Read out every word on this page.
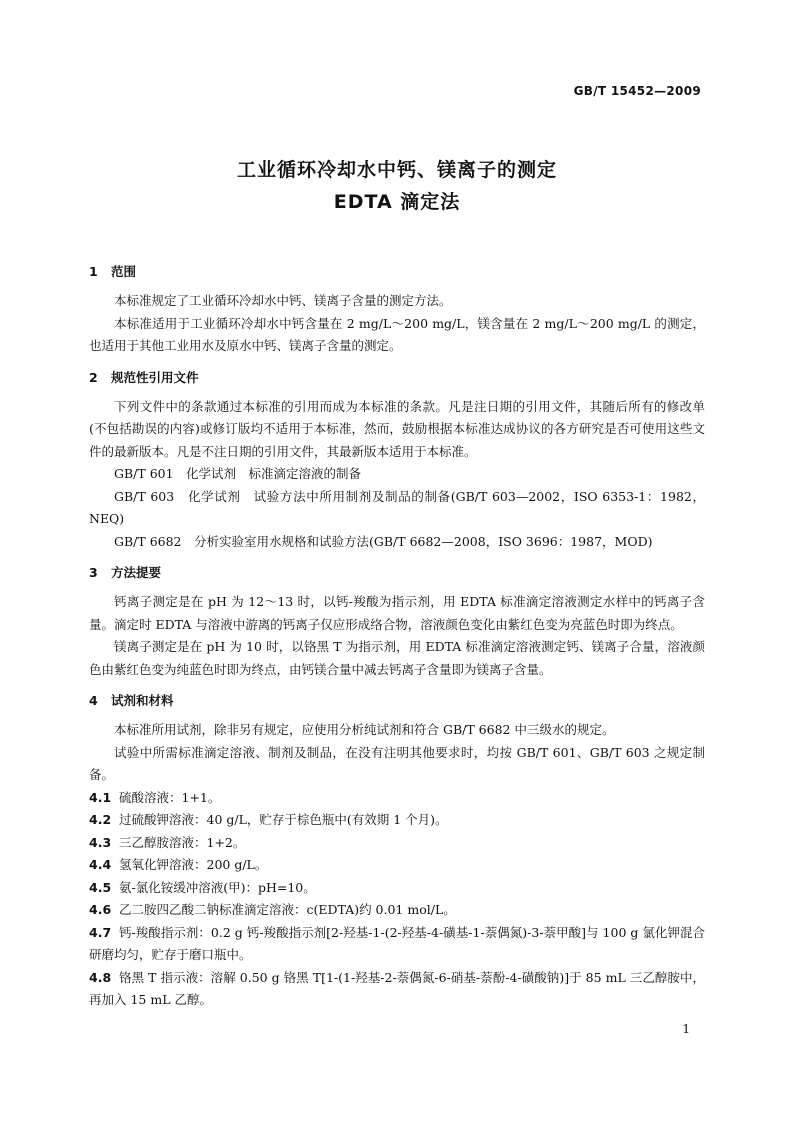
GB/T 15452—2009
工业循环冷却水中钙、镁离子的测定
EDTA 滴定法
1 范围

本标准规定了工业循环冷却水中钙、镁离子含量的测定方法。

本标准适用于工业循环冷却水中钙含量在 2 mg/L～200 mg/L，镁含量在 2 mg/L～200 mg/L 的测定，也适用于其他工业用水及原水中钙、镁离子含量的测定。

2 规范性引用文件

下列文件中的条款通过本标准的引用而成为本标准的条款。凡是注日期的引用文件，其随后所有的修改单(不包括勘误的内容)或修订版均不适用于本标准，然而，鼓励根据本标准达成协议的各方研究是否可使用这些文件的最新版本。凡是不注日期的引用文件，其最新版本适用于本标准。

GB/T 601　化学试剂　标准滴定溶液的制备

GB/T 603　化学试剂　试验方法中所用制剂及制品的制备(GB/T 603—2002，ISO 6353-1：1982，NEQ)

GB/T 6682　分析实验室用水规格和试验方法(GB/T 6682—2008，ISO 3696：1987，MOD)

3 方法提要

钙离子测定是在 pH 为 12～13 时，以钙-羧酸为指示剂，用 EDTA 标准滴定溶液测定水样中的钙离子含量。滴定时 EDTA 与溶液中游离的钙离子仅应形成络合物，溶液颜色变化由紫红色变为亮蓝色时即为终点。

镁离子测定是在 pH 为 10 时，以铬黑 T 为指示剂，用 EDTA 标准滴定溶液测定钙、镁离子合量，溶液颜色由紫红色变为纯蓝色时即为终点，由钙镁合量中减去钙离子含量即为镁离子含量。

4 试剂和材料

本标准所用试剂，除非另有规定，应使用分析纯试剂和符合 GB/T 6682 中三级水的规定。

试验中所需标准滴定溶液、制剂及制品，在没有注明其他要求时，均按 GB/T 601、GB/T 603 之规定制备。

4.1 硫酸溶液：1+1。

4.2 过硫酸钾溶液：40 g/L，贮存于棕色瓶中(有效期 1 个月)。

4.3 三乙醇胺溶液：1+2。

4.4 氢氧化钾溶液：200 g/L。

4.5 氨-氯化铵缓冲溶液(甲)：pH=10。

4.6 乙二胺四乙酸二钠标准滴定溶液：c(EDTA)约 0.01 mol/L。

4.7 钙-羧酸指示剂：0.2 g 钙-羧酸指示剂[2-羟基-1-(2-羟基-4-磺基-1-萘偶氮)-3-萘甲酸]与 100 g 氯化钾混合研磨均匀，贮存于磨口瓶中。

4.8 铬黑 T 指示液：溶解 0.50 g 铬黑 T[1-(1-羟基-2-萘偶氮-6-硝基-萘酚-4-磺酸钠)]于 85 mL 三乙醇胺中，再加入 15 mL 乙醇。

1
